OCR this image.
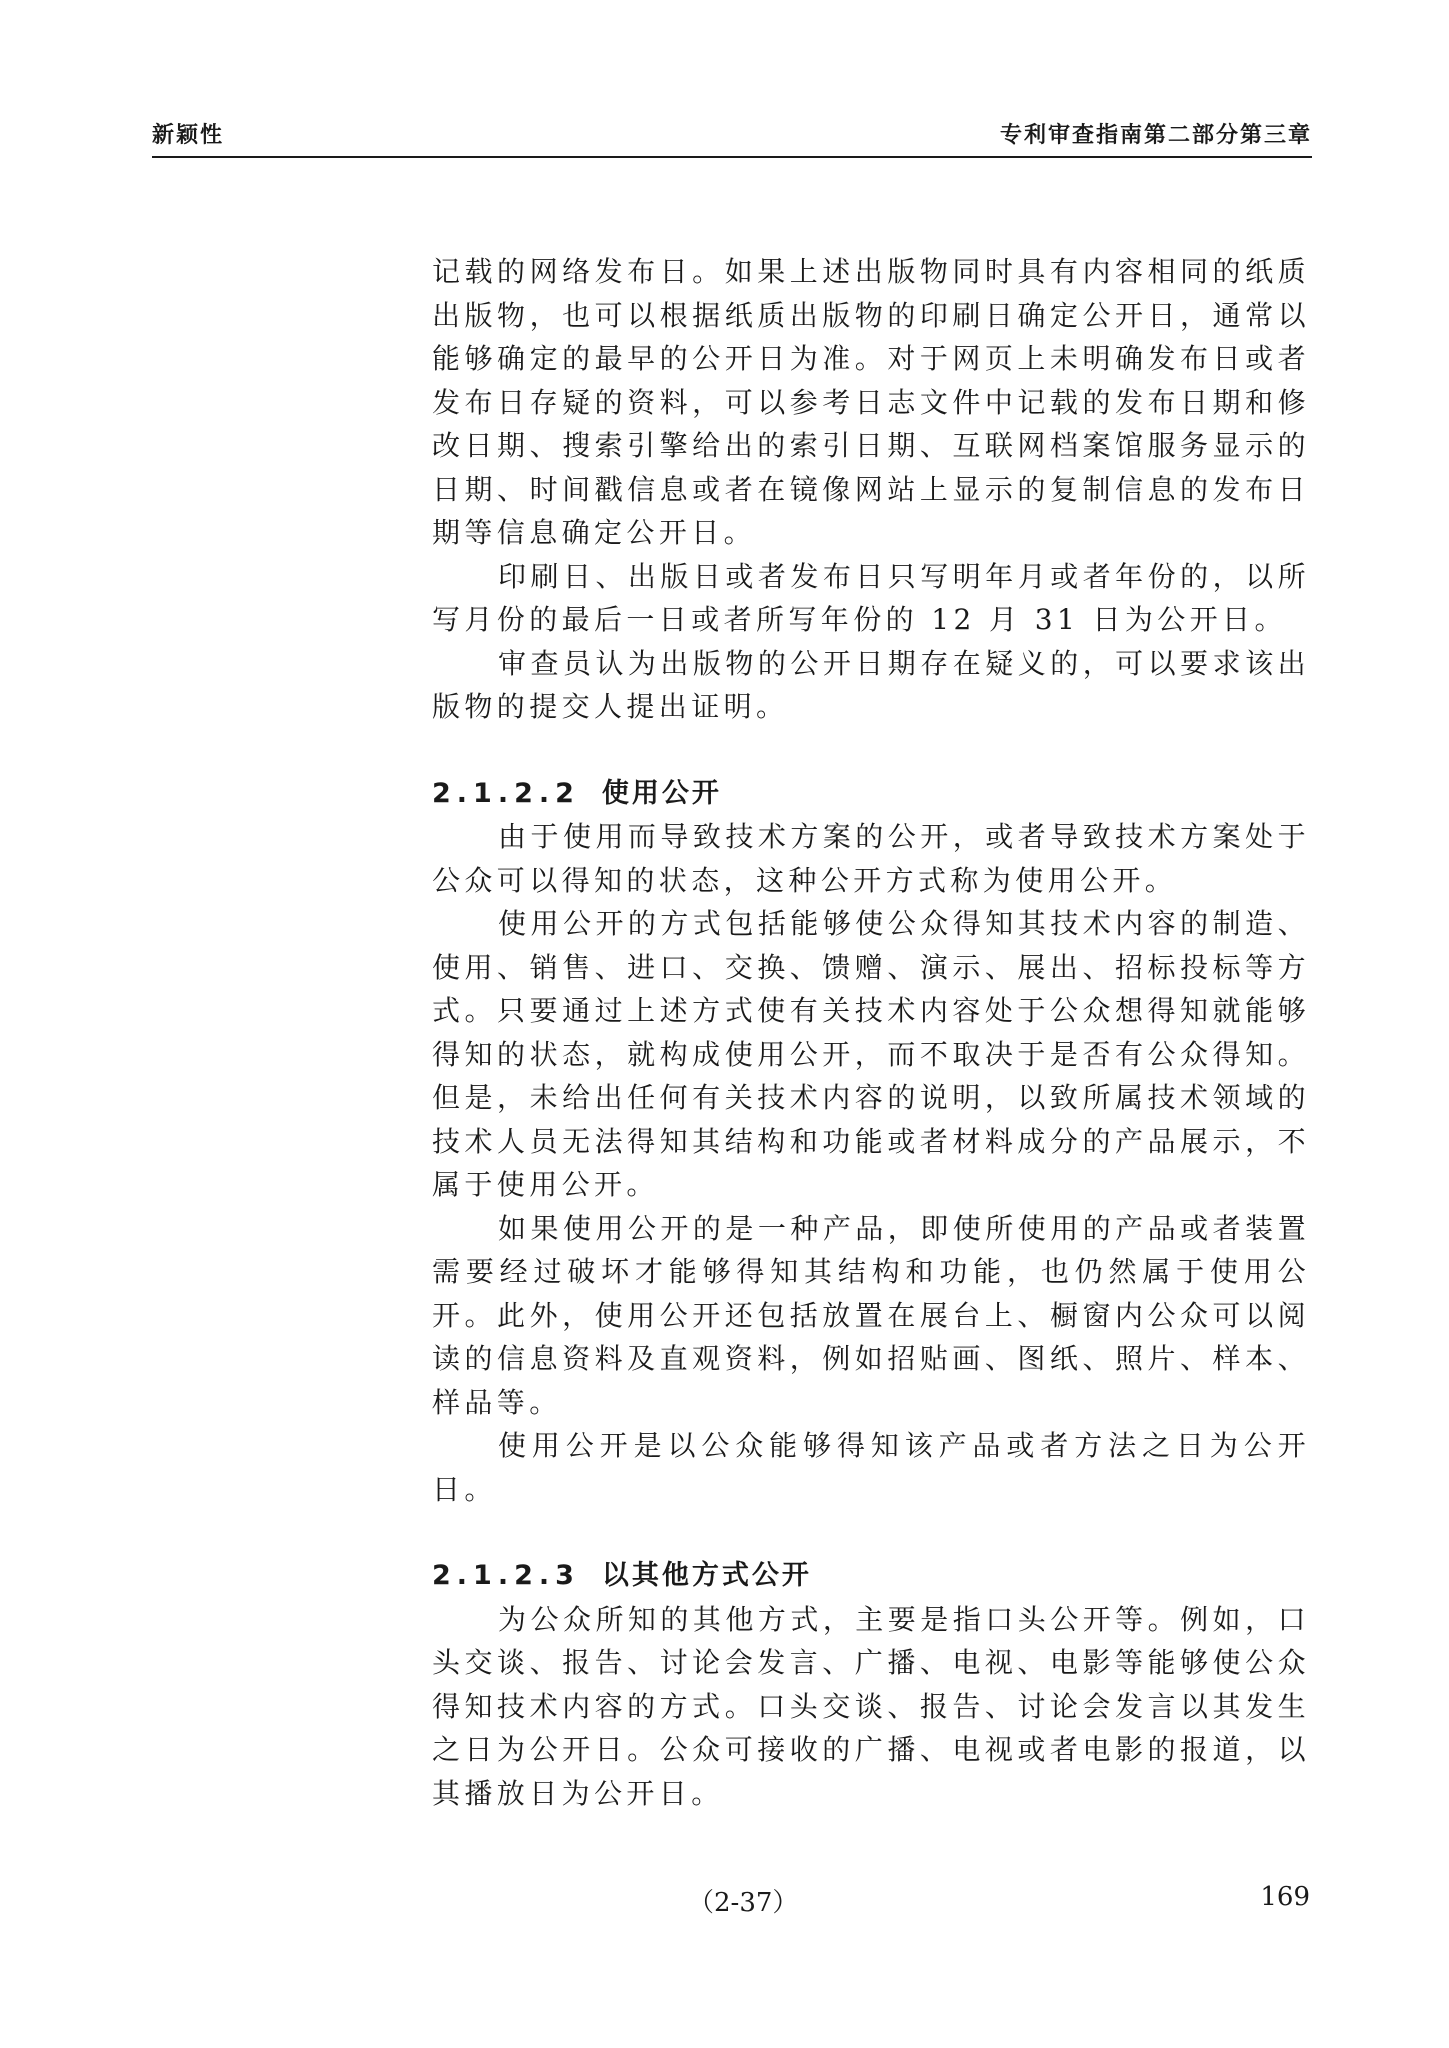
新颖性	专利审查指南第二部分第三章

记载的网络发布日。如果上述出版物同时具有内容相同的纸质出版物，也可以根据纸质出版物的印刷日确定公开日，通常以能够确定的最早的公开日为准。对于网页上未明确发布日或者发布日存疑的资料，可以参考日志文件中记载的发布日期和修改日期、搜索引擎给出的索引日期、互联网档案馆服务显示的日期、时间戳信息或者在镜像网站上显示的复制信息的发布日期等信息确定公开日。

印刷日、出版日或者发布日只写明年月或者年份的，以所写月份的最后一日或者所写年份的 12 月 31 日为公开日。

审查员认为出版物的公开日期存在疑义的，可以要求该出版物的提交人提出证明。

2.1.2.2 使用公开

由于使用而导致技术方案的公开，或者导致技术方案处于公众可以得知的状态，这种公开方式称为使用公开。

使用公开的方式包括能够使公众得知其技术内容的制造、使用、销售、进口、交换、馈赠、演示、展出、招标投标等方式。只要通过上述方式使有关技术内容处于公众想得知就能够得知的状态，就构成使用公开，而不取决于是否有公众得知。但是，未给出任何有关技术内容的说明，以致所属技术领域的技术人员无法得知其结构和功能或者材料成分的产品展示，不属于使用公开。

如果使用公开的是一种产品，即使所使用的产品或者装置需要经过破坏才能够得知其结构和功能，也仍然属于使用公开。此外，使用公开还包括放置在展台上、橱窗内公众可以阅读的信息资料及直观资料，例如招贴画、图纸、照片、样本、样品等。

使用公开是以公众能够得知该产品或者方法之日为公开日。

2.1.2.3 以其他方式公开

为公众所知的其他方式，主要是指口头公开等。例如，口头交谈、报告、讨论会发言、广播、电视、电影等能够使公众得知技术内容的方式。口头交谈、报告、讨论会发言以其发生之日为公开日。公众可接收的广播、电视或者电影的报道，以其播放日为公开日。

（2-37）	169
